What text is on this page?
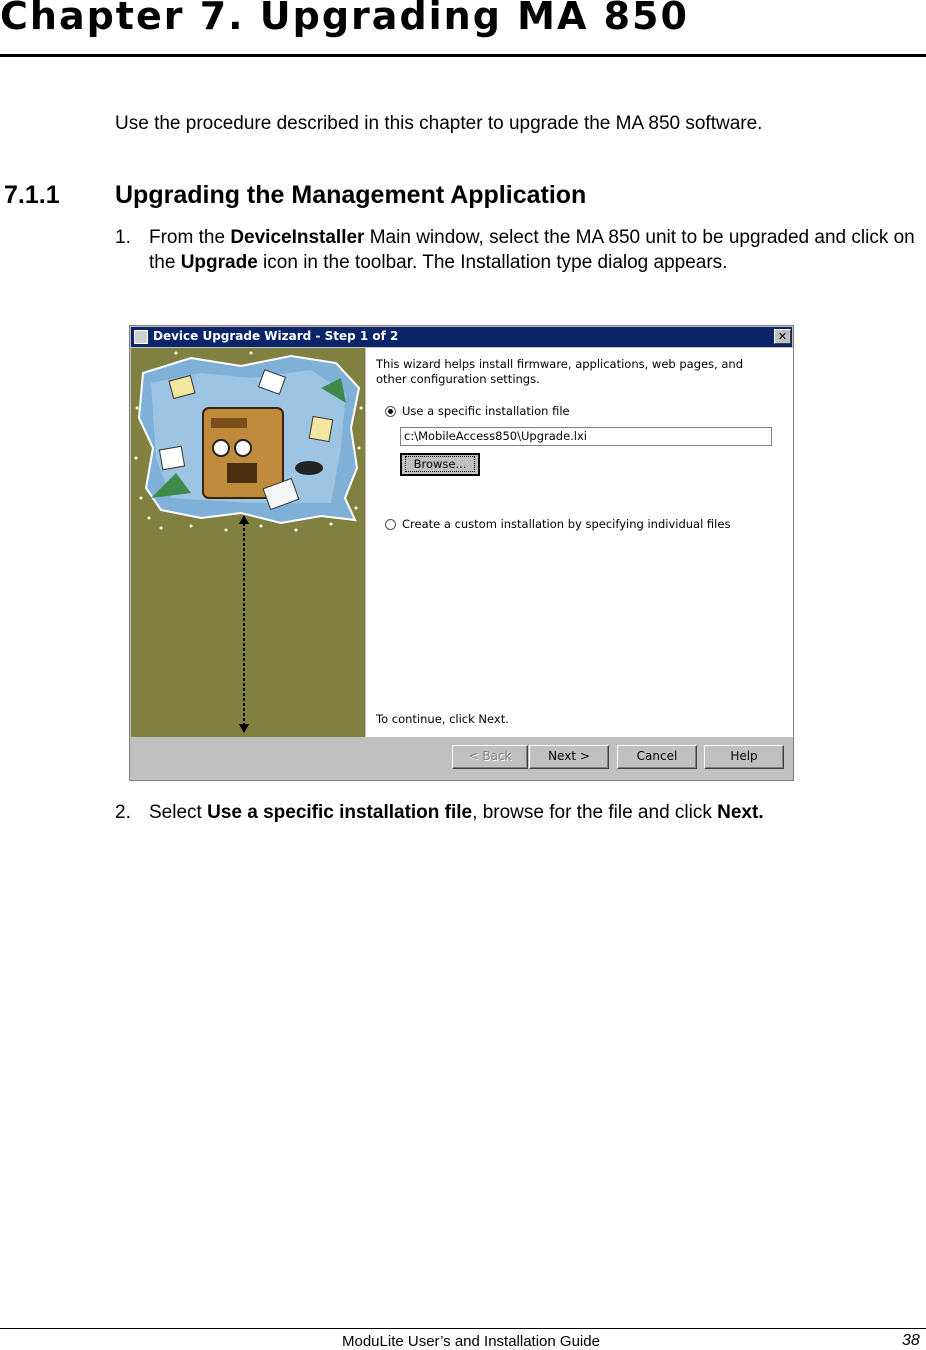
Chapter 7. Upgrading MA 850
Use the procedure described in this chapter to upgrade the MA 850 software.
7.1.1 Upgrading the Management Application
1. From the DeviceInstaller Main window, select the MA 850 unit to be upgraded and click on the Upgrade icon in the toolbar. The Installation type dialog appears.
Device Upgrade Wizard - Step 1 of 2	✕
This wizard helps install firmware, applications, web pages, and other configuration settings.
Use a specific installation file
c:\MobileAccess850\Upgrade.lxi
Browse...
Create a custom installation by specifying individual files
To continue, click Next.
< Back	Next >	Cancel	Help
2. Select Use a specific installation file, browse for the file and click Next.
ModuLite User’s and Installation Guide	38
